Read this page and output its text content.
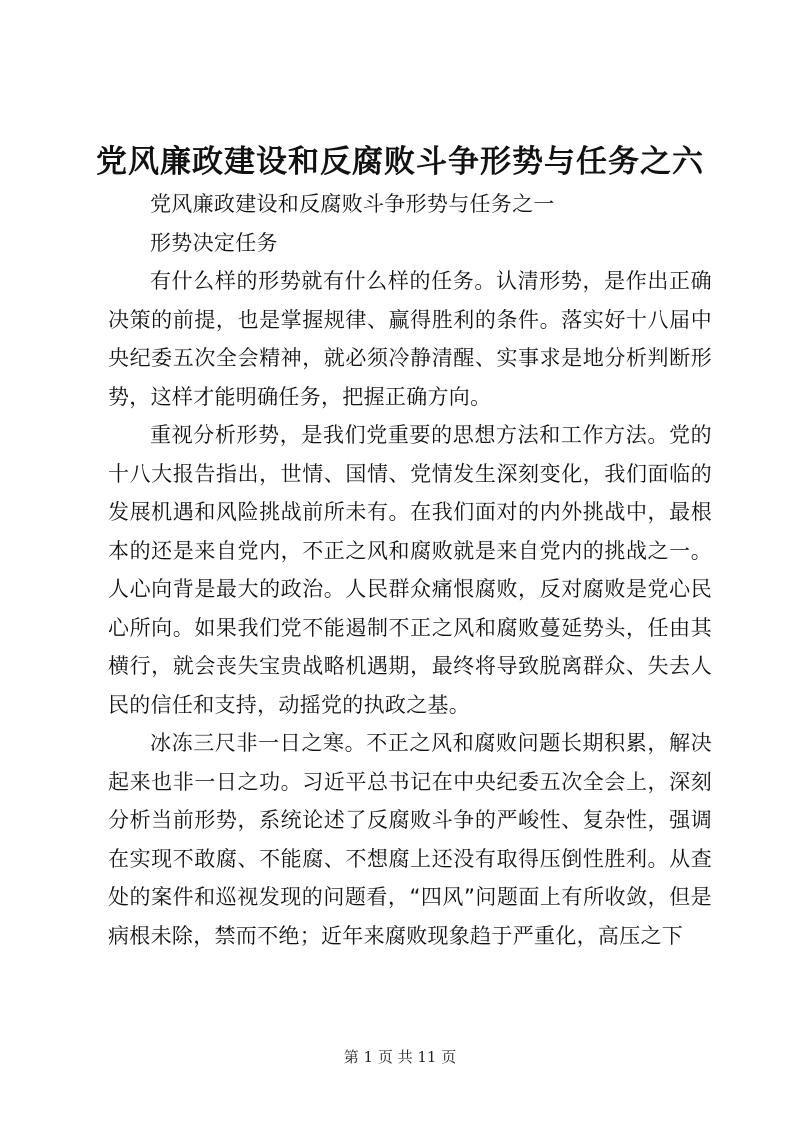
党风廉政建设和反腐败斗争形势与任务之六

党风廉政建设和反腐败斗争形势与任务之一

形势决定任务

有什么样的形势就有什么样的任务。认清形势，是作出正确决策的前提，也是掌握规律、赢得胜利的条件。落实好十八届中央纪委五次全会精神，就必须冷静清醒、实事求是地分析判断形势，这样才能明确任务，把握正确方向。

重视分析形势，是我们党重要的思想方法和工作方法。党的十八大报告指出，世情、国情、党情发生深刻变化，我们面临的发展机遇和风险挑战前所未有。在我们面对的内外挑战中，最根本的还是来自党内，不正之风和腐败就是来自党内的挑战之一。人心向背是最大的政治。人民群众痛恨腐败，反对腐败是党心民心所向。如果我们党不能遏制不正之风和腐败蔓延势头，任由其横行，就会丧失宝贵战略机遇期，最终将导致脱离群众、失去人民的信任和支持，动摇党的执政之基。

冰冻三尺非一日之寒。不正之风和腐败问题长期积累，解决起来也非一日之功。习近平总书记在中央纪委五次全会上，深刻分析当前形势，系统论述了反腐败斗争的严峻性、复杂性，强调在实现不敢腐、不能腐、不想腐上还没有取得压倒性胜利。从查处的案件和巡视发现的问题看，“四风”问题面上有所收敛，但是病根未除，禁而不绝；近年来腐败现象趋于严重化，高压之下

第 1 页 共 11 页
